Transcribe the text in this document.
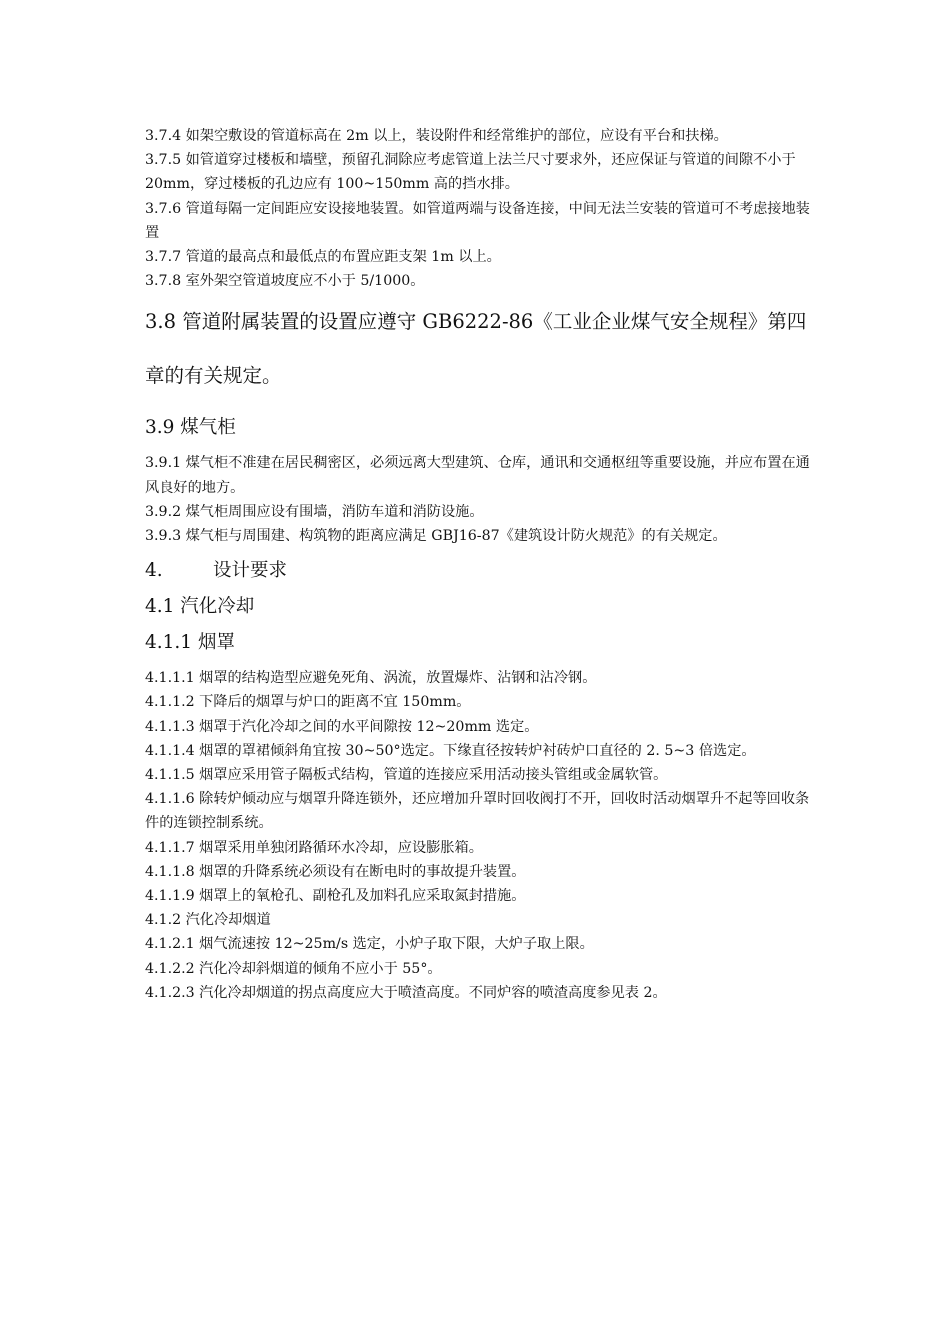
3.7.4 如架空敷设的管道标高在 2m 以上，装设附件和经常维护的部位，应设有平台和扶梯。

3.7.5 如管道穿过楼板和墙壁，预留孔洞除应考虑管道上法兰尺寸要求外，还应保证与管道的间隙不小于 20mm，穿过楼板的孔边应有 100~150mm 高的挡水排。

3.7.6 管道每隔一定间距应安设接地装置。如管道两端与设备连接，中间无法兰安装的管道可不考虑接地装置

3.7.7 管道的最高点和最低点的布置应距支架 1m 以上。

3.7.8 室外架空管道坡度应不小于 5/1000。

3.8 管道附属装置的设置应遵守 GB6222-86《工业企业煤气安全规程》第四章的有关规定。

3.9 煤气柜

3.9.1 煤气柜不准建在居民稠密区，必须远离大型建筑、仓库，通讯和交通枢纽等重要设施，并应布置在通风良好的地方。

3.9.2 煤气柜周围应设有围墙，消防车道和消防设施。

3.9.3 煤气柜与周围建、构筑物的距离应满足 GBJ16-87《建筑设计防火规范》的有关规定。

4.	设计要求

4.1 汽化冷却

4.1.1 烟罩

4.1.1.1 烟罩的结构造型应避免死角、涡流，放置爆炸、沾钢和沾冷钢。

4.1.1.2 下降后的烟罩与炉口的距离不宜 150mm。

4.1.1.3 烟罩于汽化冷却之间的水平间隙按 12~20mm 选定。

4.1.1.4 烟罩的罩裙倾斜角宜按 30~50°选定。下缘直径按转炉衬砖炉口直径的 2. 5~3 倍选定。

4.1.1.5 烟罩应采用管子隔板式结构，管道的连接应采用活动接头管组或金属软管。

4.1.1.6 除转炉倾动应与烟罩升降连锁外，还应增加升罩时回收阀打不开，回收时活动烟罩升不起等回收条件的连锁控制系统。

4.1.1.7 烟罩采用单独闭路循环水冷却，应设膨胀箱。

4.1.1.8 烟罩的升降系统必须设有在断电时的事故提升装置。

4.1.1.9 烟罩上的氧枪孔、副枪孔及加料孔应采取氮封措施。

4.1.2 汽化冷却烟道

4.1.2.1 烟气流速按 12~25m/s 选定，小炉子取下限，大炉子取上限。

4.1.2.2 汽化冷却斜烟道的倾角不应小于 55°。

4.1.2.3 汽化冷却烟道的拐点高度应大于喷渣高度。不同炉容的喷渣高度参见表 2。
